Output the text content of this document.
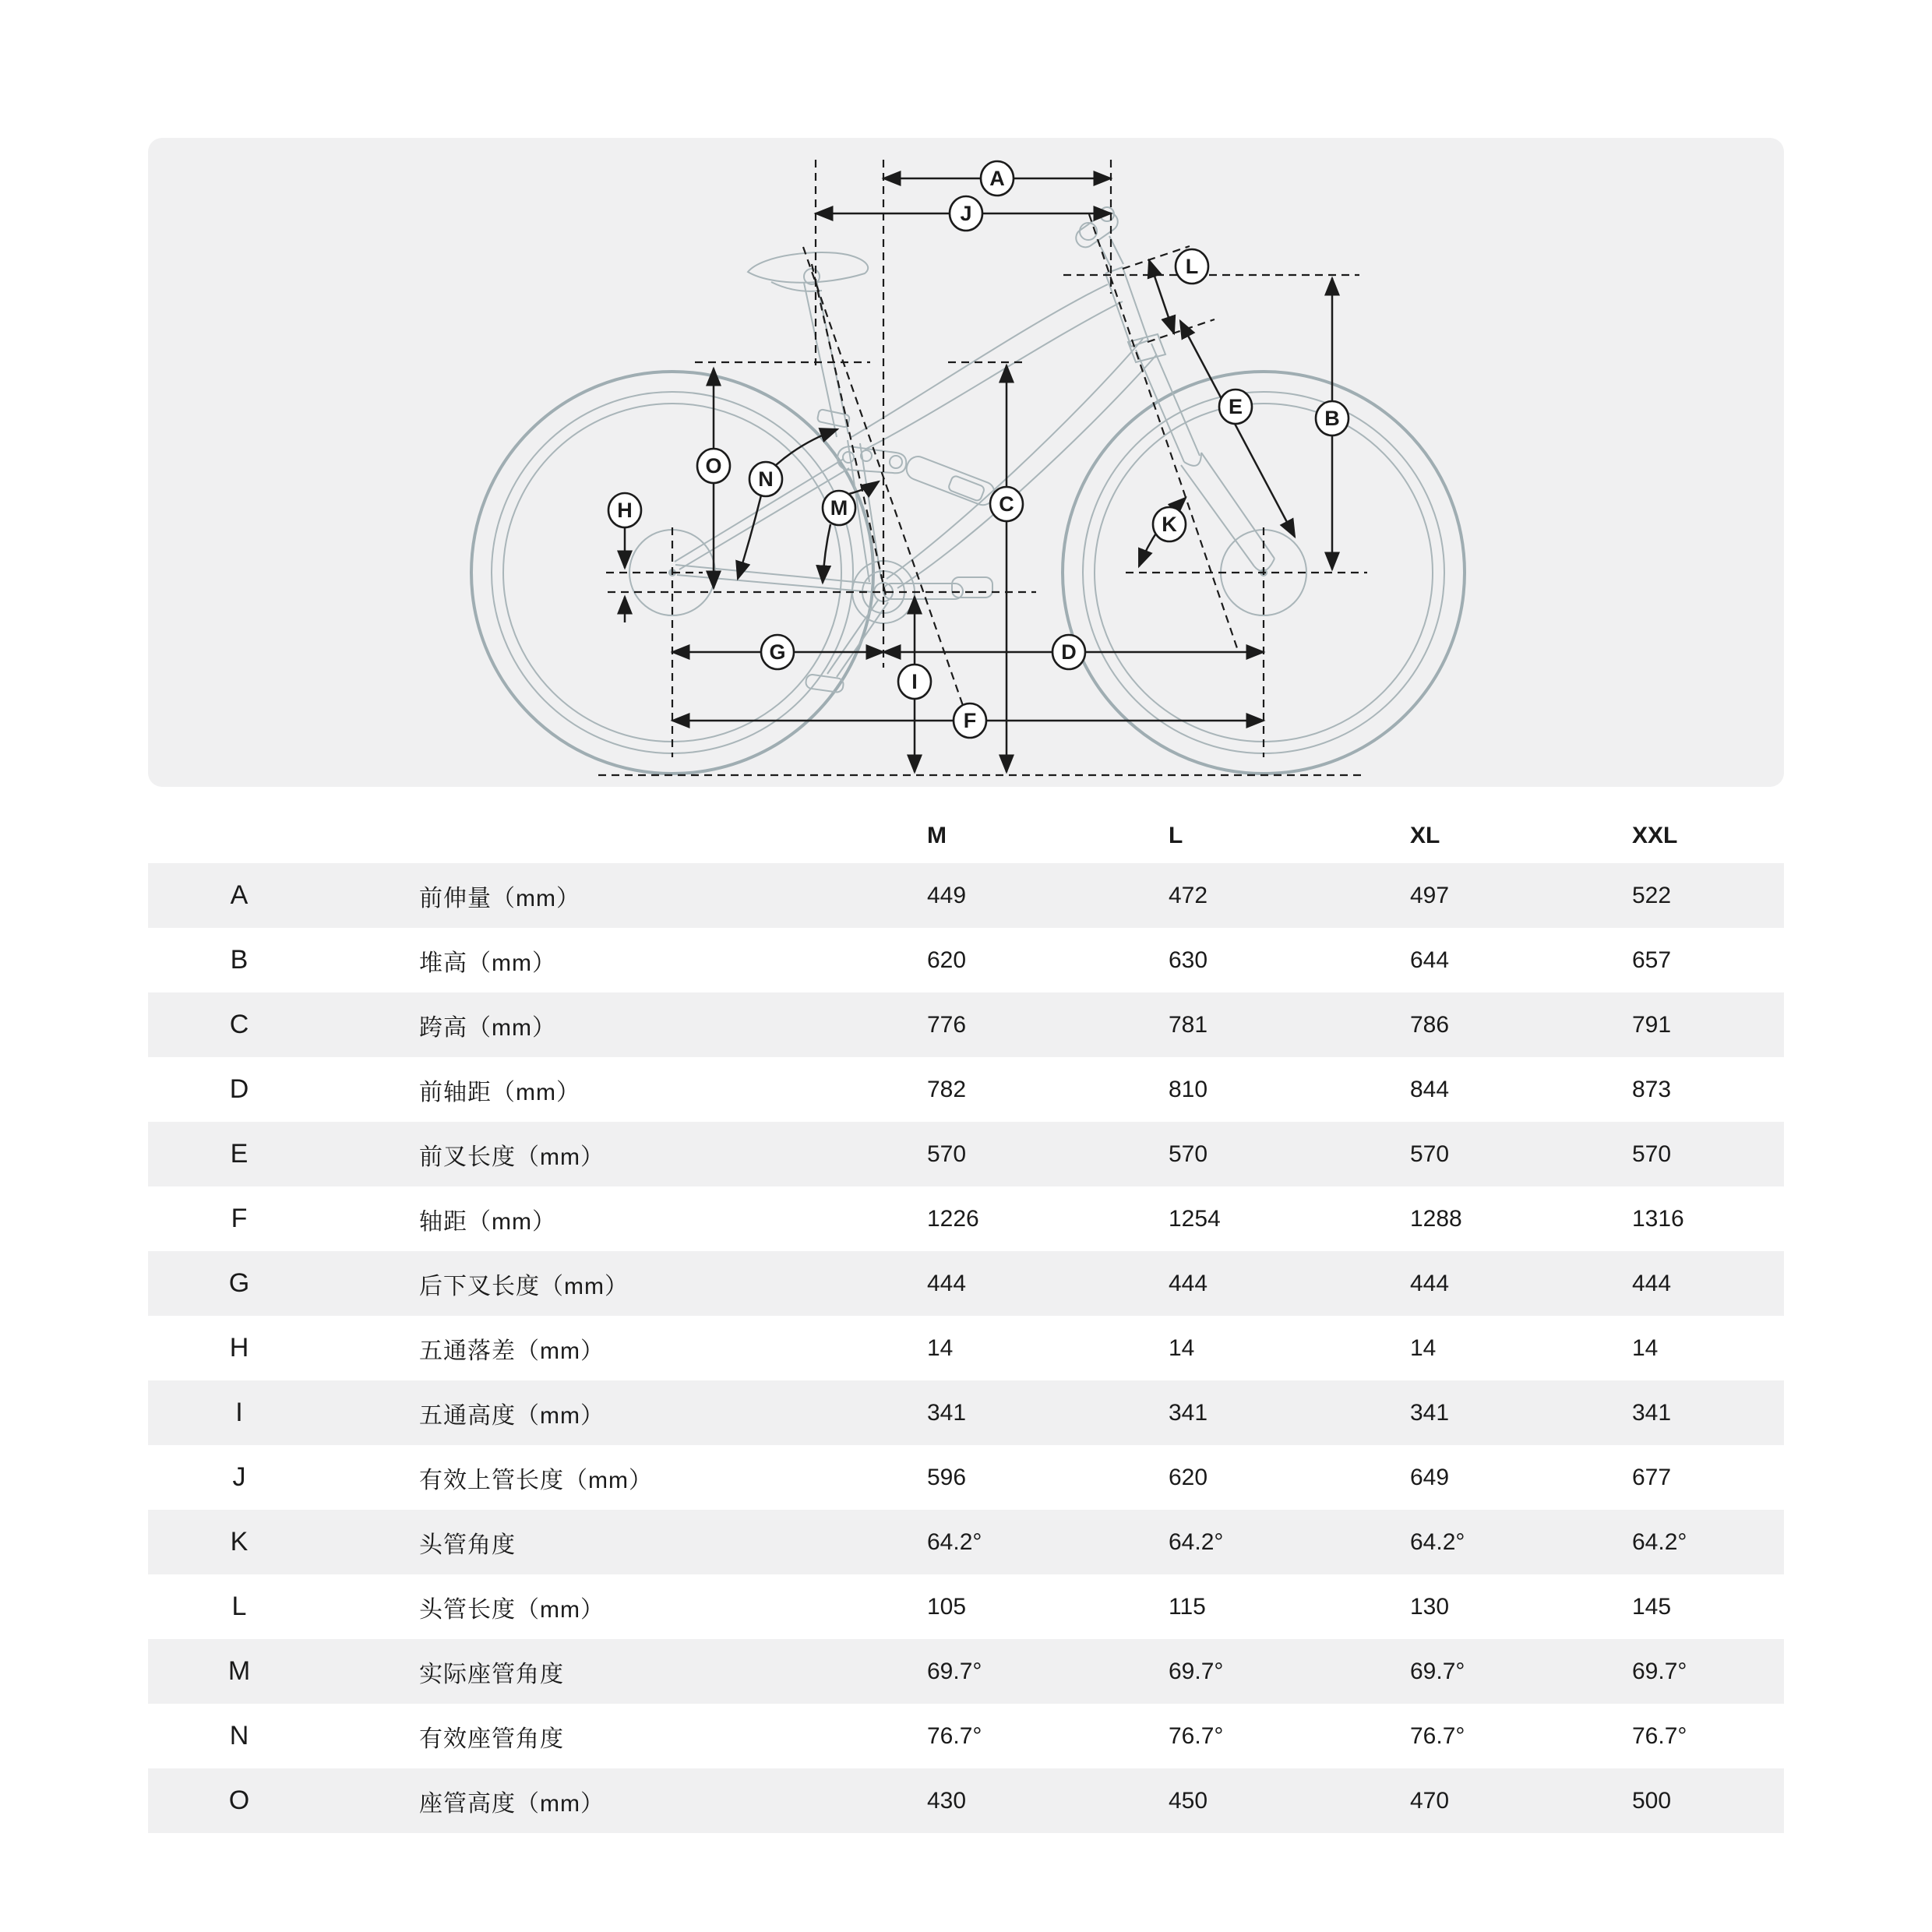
A
J
L
B
E
C
O
N
M
H
K
G	D
I
F
M	L	XL	XXL
A	前伸量（mm）	449	472	497	522
B	堆高（mm）	620	630	644	657
C	跨高（mm）	776	781	786	791
D	前轴距（mm）	782	810	844	873
E	前叉长度（mm）	570	570	570	570
F	轴距（mm）	1226	1254	1288	1316
G	后下叉长度（mm）	444	444	444	444
H	五通落差（mm）	14	14	14	14
I	五通高度（mm）	341	341	341	341
J	有效上管长度（mm）	596	620	649	677
K	头管角度	64.2°	64.2°	64.2°	64.2°
L	头管长度（mm）	105	115	130	145
M	实际座管角度	69.7°	69.7°	69.7°	69.7°
N	有效座管角度	76.7°	76.7°	76.7°	76.7°
O	座管高度（mm）	430	450	470	500
